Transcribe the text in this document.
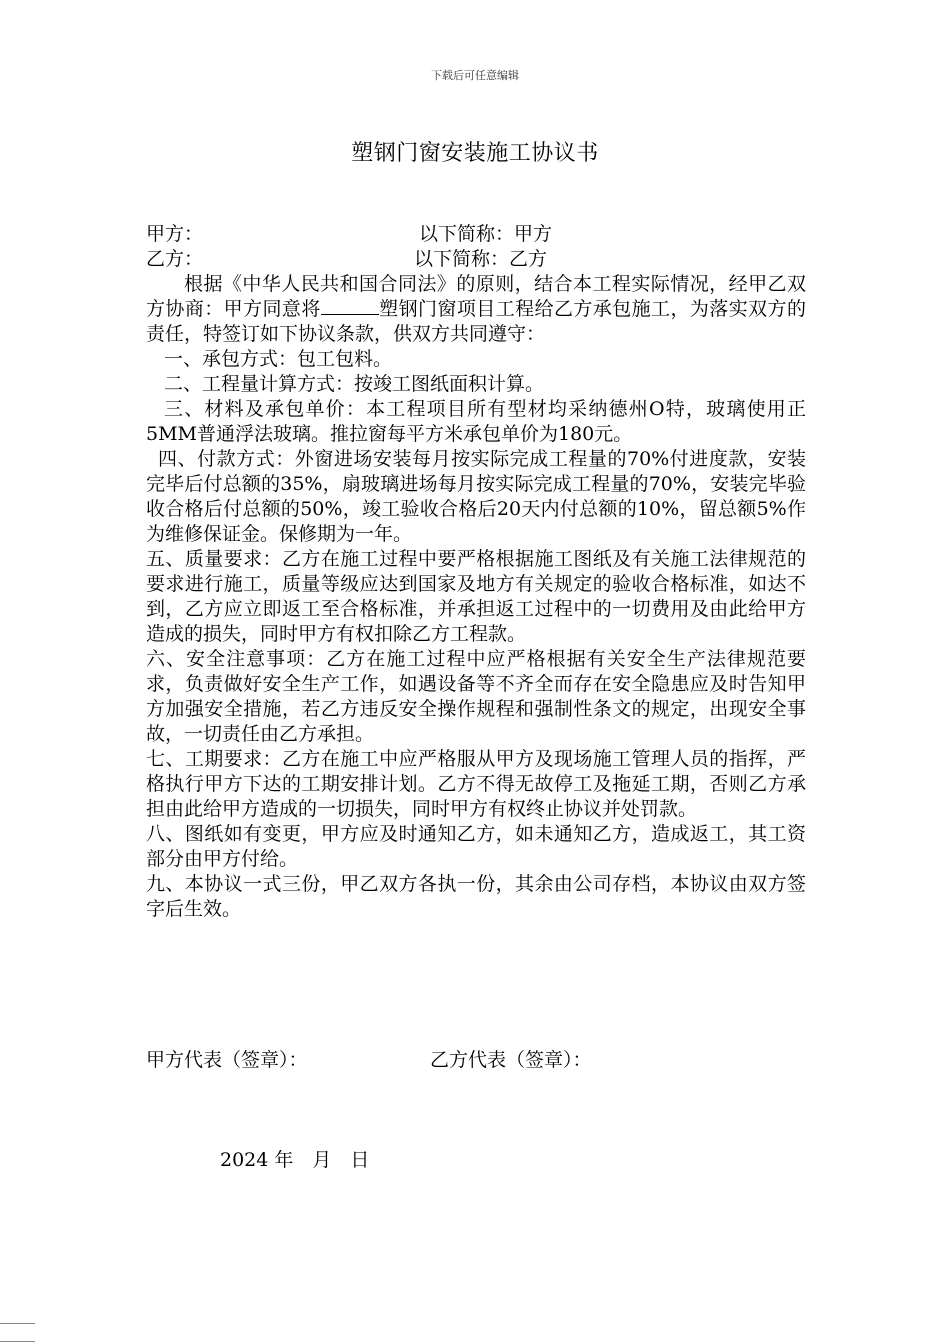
下载后可任意编辑
塑钢门窗安装施工协议书
甲方：	以下简称：甲方
乙方：	以下简称：乙方

根据《中华人民共和国合同法》的原则，结合本工程实际情况，经甲乙双方协商：甲方同意将	塑钢门窗项目工程给乙方承包施工，为落实双方的责任，特签订如下协议条款，供双方共同遵守：

一、承包方式：包工包料。

二、工程量计算方式：按竣工图纸面积计算。

三、材料及承包单价：本工程项目所有型材均采纳德州O特，玻璃使用正5MM普通浮法玻璃。推拉窗每平方米承包单价为180元。

四、付款方式：外窗进场安装每月按实际完成工程量的70%付进度款，安装完毕后付总额的35%，扇玻璃进场每月按实际完成工程量的70%，安装完毕验收合格后付总额的50%，竣工验收合格后20天内付总额的10%，留总额5%作为维修保证金。保修期为一年。

五、质量要求：乙方在施工过程中要严格根据施工图纸及有关施工法律规范的要求进行施工，质量等级应达到国家及地方有关规定的验收合格标准，如达不到，乙方应立即返工至合格标准，并承担返工过程中的一切费用及由此给甲方造成的损失，同时甲方有权扣除乙方工程款。

六、安全注意事项：乙方在施工过程中应严格根据有关安全生产法律规范要求，负责做好安全生产工作，如遇设备等不齐全而存在安全隐患应及时告知甲方加强安全措施，若乙方违反安全操作规程和强制性条文的规定，出现安全事故，一切责任由乙方承担。

七、工期要求：乙方在施工中应严格服从甲方及现场施工管理人员的指挥，严格执行甲方下达的工期安排计划。乙方不得无故停工及拖延工期，否则乙方承担由此给甲方造成的一切损失，同时甲方有权终止协议并处罚款。

八、图纸如有变更，甲方应及时通知乙方，如未通知乙方，造成返工，其工资部分由甲方付给。

九、本协议一式三份，甲乙双方各执一份，其余由公司存档，本协议由双方签字后生效。

甲方代表（签章）：	乙方代表（签章）：
2024 年　月　日
